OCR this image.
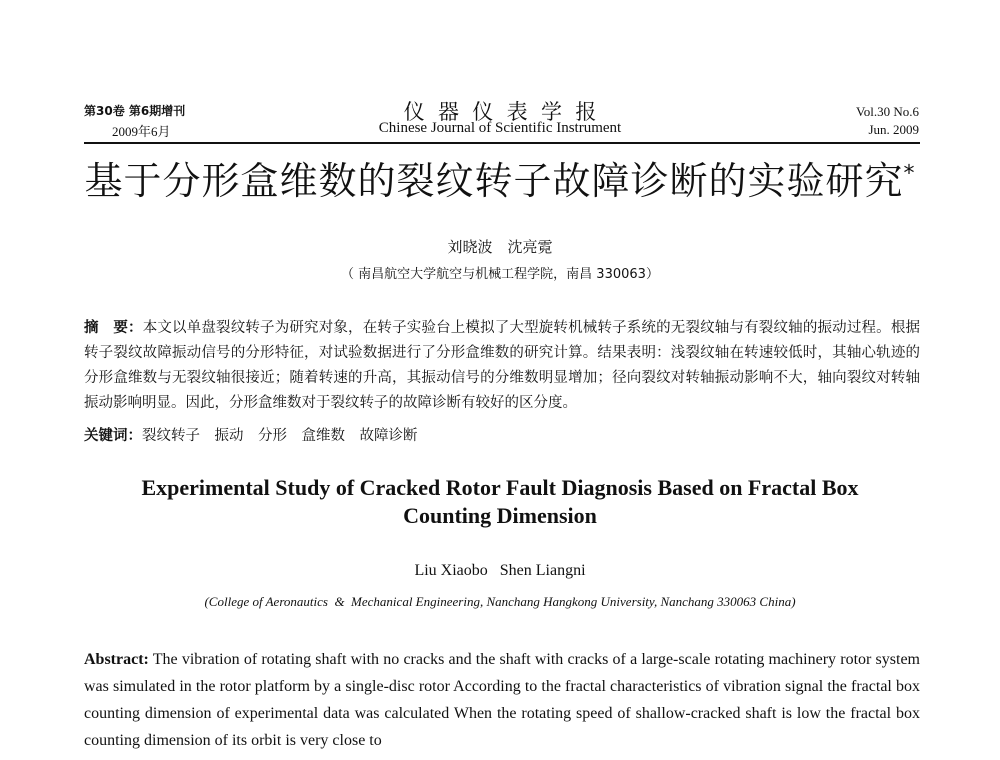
第30卷 第6期增刊
2009年6月
仪  器  仪  表  学  报
Chinese Journal of Scientific Instrument
Vol.30 No.6
Jun. 2009
基于分形盒维数的裂纹转子故障诊断的实验研究*
刘晓波　沈亮霓
（ 南昌航空大学航空与机械工程学院，南昌 330063）
摘　要：本文以单盘裂纹转子为研究对象，在转子实验台上模拟了大型旋转机械转子系统的无裂纹轴与有裂纹轴的振动过程。根据转子裂纹故障振动信号的分形特征，对试验数据进行了分形盒维数的研究计算。结果表明：浅裂纹轴在转速较低时，其轴心轨迹的分形盒维数与无裂纹轴很接近；随着转速的升高，其振动信号的分维数明显增加；径向裂纹对转轴振动影响不大，轴向裂纹对转轴振动影响明显。因此，分形盒维数对于裂纹转子的故障诊断有较好的区分度。
关键词：裂纹转子　振动　分形　盒维数　故障诊断
Experimental Study of Cracked Rotor Fault Diagnosis Based on Fractal Box Counting Dimension
Liu Xiaobo   Shen Liangni
(College of Aeronautics  &  Mechanical Engineering, Nanchang Hangkong University, Nanchang 330063 China)
Abstract: The vibration of rotating shaft with no cracks and the shaft with cracks of a large-scale rotating machinery rotor system was simulated in the rotor platform by a single-disc rotor According to the fractal characteristics of vibration signal the fractal box counting dimension of experimental data was calculated When the rotating speed of shallow-cracked shaft is low the fractal box counting dimension of its orbit is very close to
